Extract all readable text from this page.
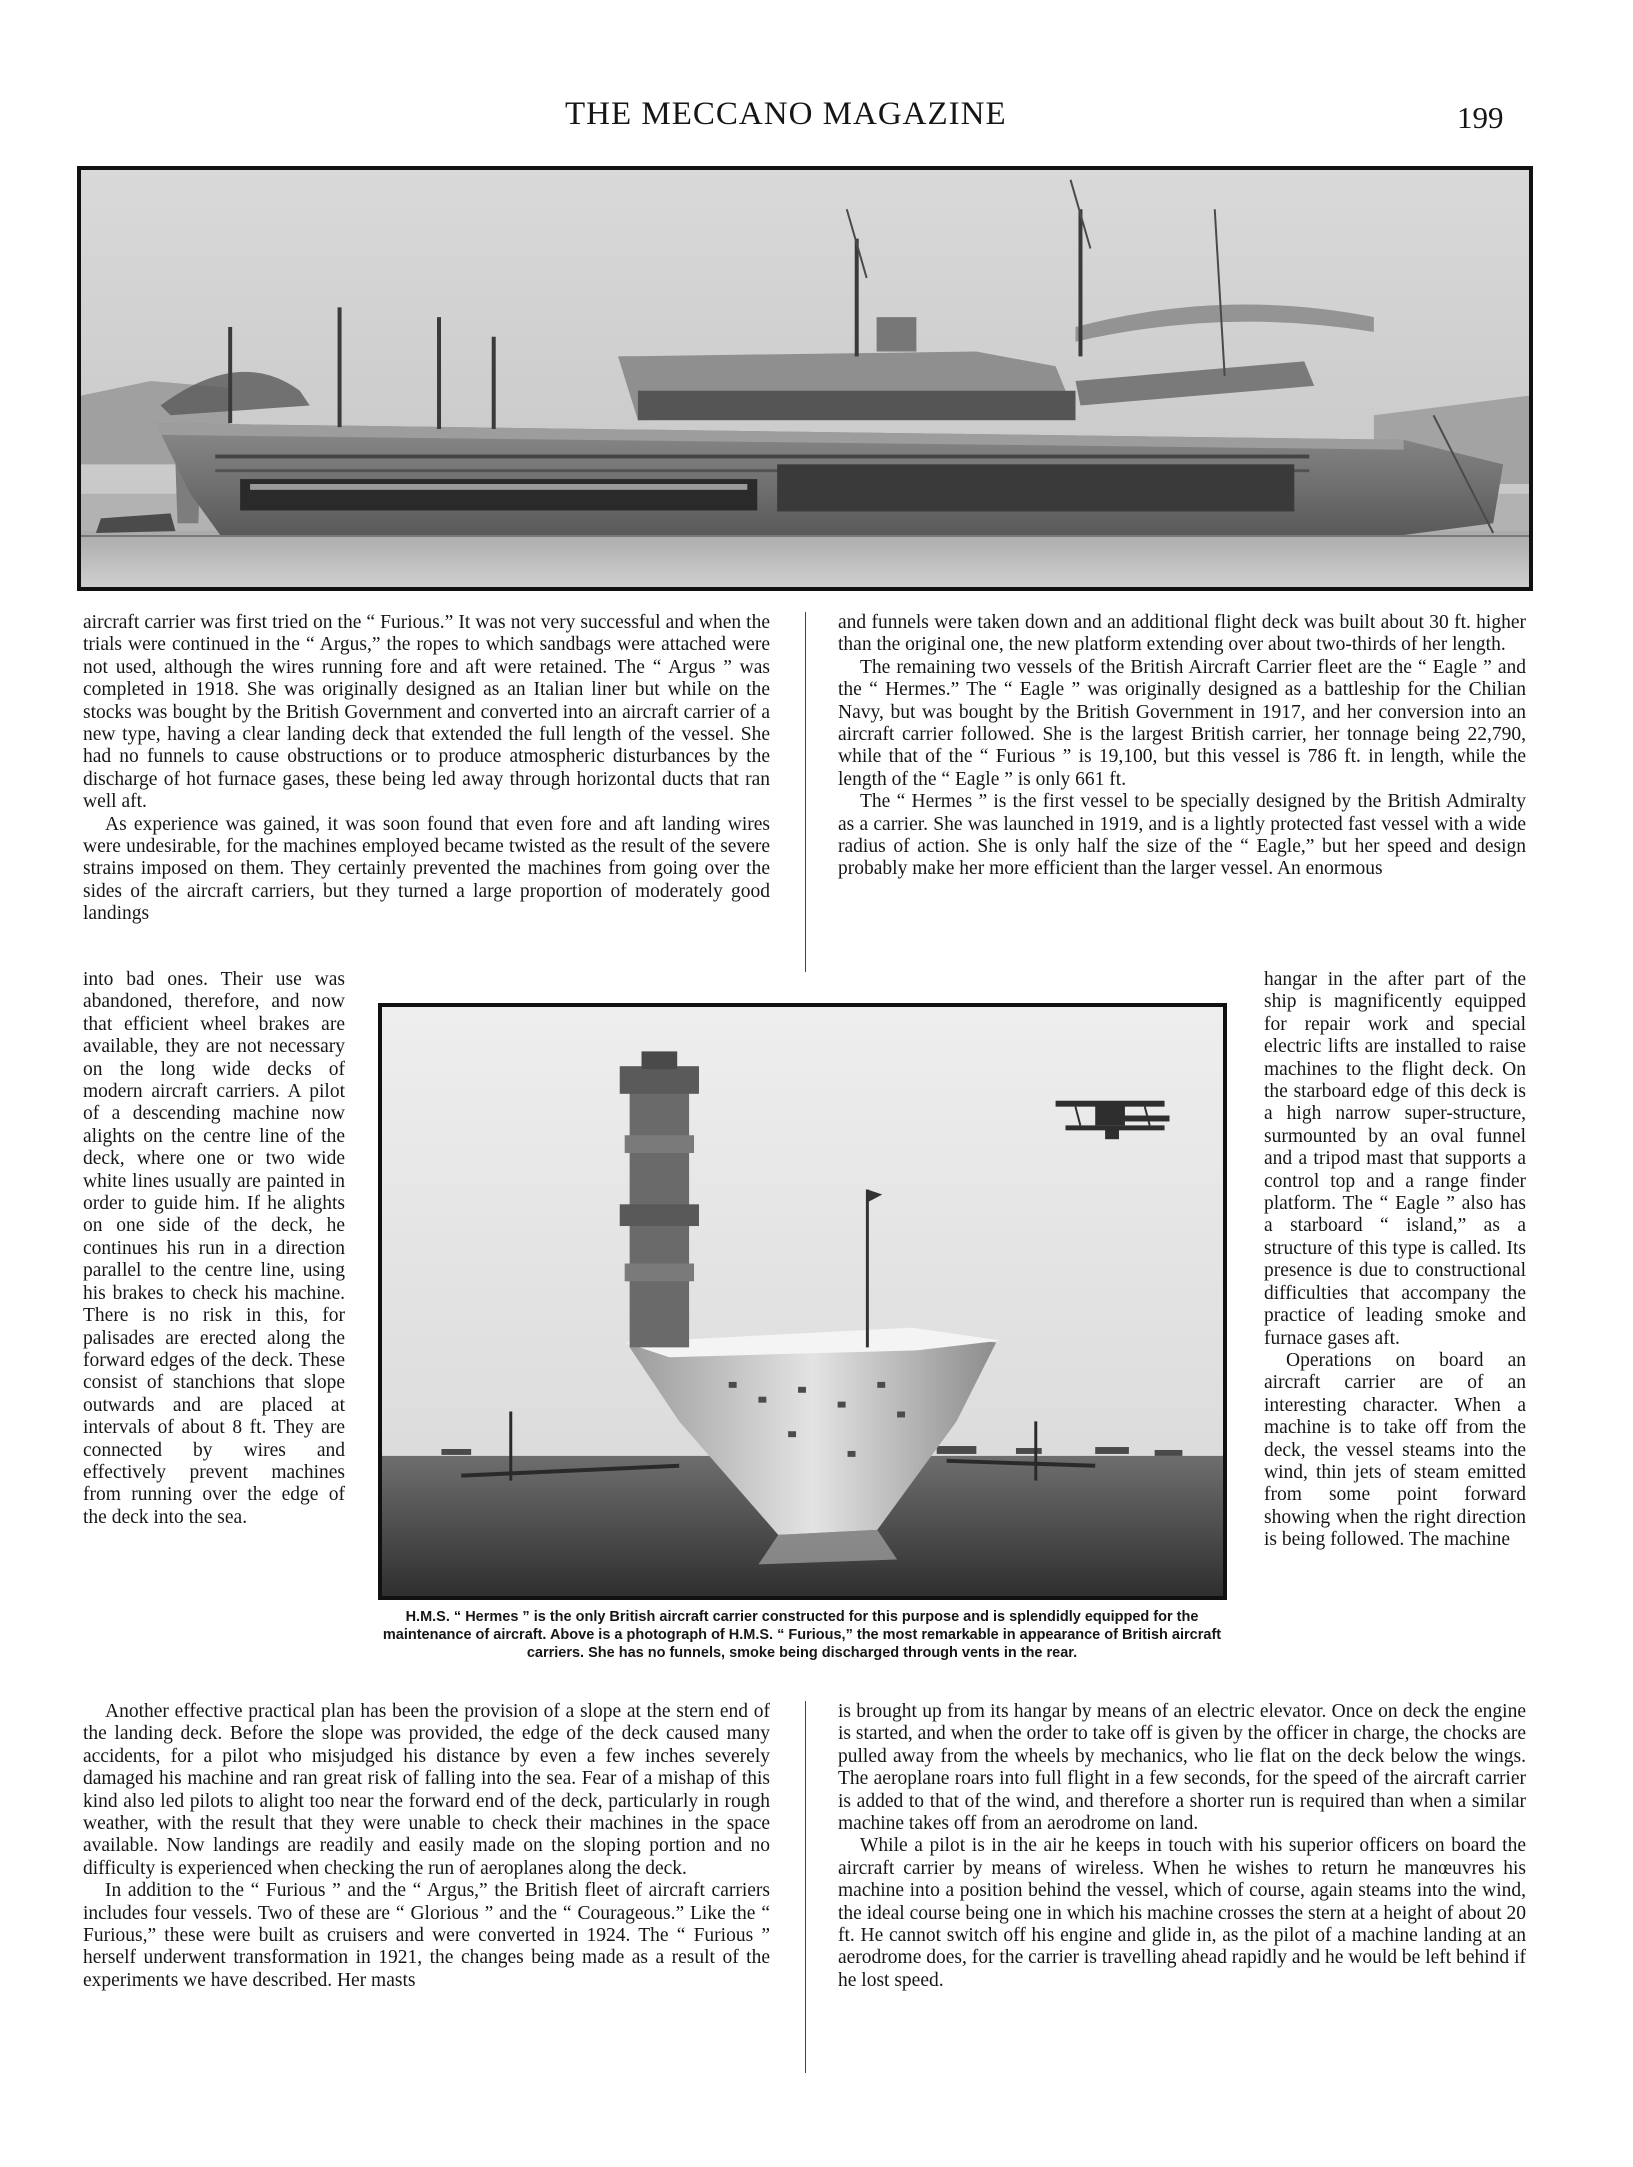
THE MECCANO MAGAZINE	199

aircraft carrier was first tried on the “ Furious.” It was not very successful and when the trials were continued in the “ Argus,” the ropes to which sandbags were attached were not used, although the wires running fore and aft were retained. The “ Argus ” was completed in 1918. She was originally designed as an Italian liner but while on the stocks was bought by the British Government and converted into an aircraft carrier of a new type, having a clear landing deck that extended the full length of the vessel. She had no funnels to cause obstructions or to produce atmospheric disturbances by the discharge of hot furnace gases, these being led away through horizontal ducts that ran well aft.

As experience was gained, it was soon found that even fore and aft landing wires were undesirable, for the machines employed became twisted as the result of the severe strains imposed on them. They certainly prevented the machines from going over the sides of the aircraft carriers, but they turned a large proportion of moderately good landings

into bad ones. Their use was abandoned, therefore, and now that efficient wheel brakes are available, they are not necessary on the long wide decks of modern aircraft carriers. A pilot of a descending machine now alights on the centre line of the deck, where one or two wide white lines usually are painted in order to guide him. If he alights on one side of the deck, he continues his run in a direction parallel to the centre line, using his brakes to check his machine. There is no risk in this, for palisades are erected along the forward edges of the deck. These consist of stanchions that slope outwards and are placed at intervals of about 8 ft. They are connected by wires and effectively prevent machines from running over the edge of the deck into the sea.

Another effective practical plan has been the provision of a slope at the stern end of the landing deck. Before the slope was provided, the edge of the deck caused many accidents, for a pilot who misjudged his distance by even a few inches severely damaged his machine and ran great risk of falling into the sea. Fear of a mishap of this kind also led pilots to alight too near the forward end of the deck, particularly in rough weather, with the result that they were unable to check their machines in the space available. Now landings are readily and easily made on the sloping portion and no difficulty is experienced when checking the run of aeroplanes along the deck.

In addition to the “ Furious ” and the “ Argus,” the British fleet of aircraft carriers includes four vessels. Two of these are “ Glorious ” and the “ Courageous.” Like the “ Furious,” these were built as cruisers and were converted in 1924. The “ Furious ” herself underwent transformation in 1921, the changes being made as a result of the experiments we have described. Her masts

and funnels were taken down and an additional flight deck was built about 30 ft. higher than the original one, the new platform extending over about two-thirds of her length.

The remaining two vessels of the British Aircraft Carrier fleet are the “ Eagle ” and the “ Hermes.” The “ Eagle ” was originally designed as a battleship for the Chilian Navy, but was bought by the British Government in 1917, and her conversion into an aircraft carrier followed. She is the largest British carrier, her tonnage being 22,790, while that of the “ Furious ” is 19,100, but this vessel is 786 ft. in length, while the length of the “ Eagle ” is only 661 ft.

The “ Hermes ” is the first vessel to be specially designed by the British Admiralty as a carrier. She was launched in 1919, and is a lightly protected fast vessel with a wide radius of action. She is only half the size of the “ Eagle,” but her speed and design probably make her more efficient than the larger vessel. An enormous

hangar in the after part of the ship is magnificently equipped for repair work and special electric lifts are installed to raise machines to the flight deck. On the starboard edge of this deck is a high narrow super-structure, surmounted by an oval funnel and a tripod mast that supports a control top and a range finder platform. The “ Eagle ” also has a starboard “ island,” as a structure of this type is called. Its presence is due to constructional difficulties that accompany the practice of leading smoke and furnace gases aft.

Operations on board an aircraft carrier are of an interesting character. When a machine is to take off from the deck, the vessel steams into the wind, thin jets of steam emitted from some point forward showing when the right direction is being followed. The machine

is brought up from its hangar by means of an electric elevator. Once on deck the engine is started, and when the order to take off is given by the officer in charge, the chocks are pulled away from the wheels by mechanics, who lie flat on the deck below the wings. The aeroplane roars into full flight in a few seconds, for the speed of the aircraft carrier is added to that of the wind, and therefore a shorter run is required than when a similar machine takes off from an aerodrome on land.

While a pilot is in the air he keeps in touch with his superior officers on board the aircraft carrier by means of wireless. When he wishes to return he manœuvres his machine into a position behind the vessel, which of course, again steams into the wind, the ideal course being one in which his machine crosses the stern at a height of about 20 ft. He cannot switch off his engine and glide in, as the pilot of a machine landing at an aerodrome does, for the carrier is travelling ahead rapidly and he would be left behind if he lost speed.

H.M.S. “ Hermes ” is the only British aircraft carrier constructed for this purpose and is splendidly equipped for the maintenance of aircraft. Above is a photograph of H.M.S. “ Furious,” the most remarkable in appearance of British aircraft carriers. She has no funnels, smoke being discharged through vents in the rear.
